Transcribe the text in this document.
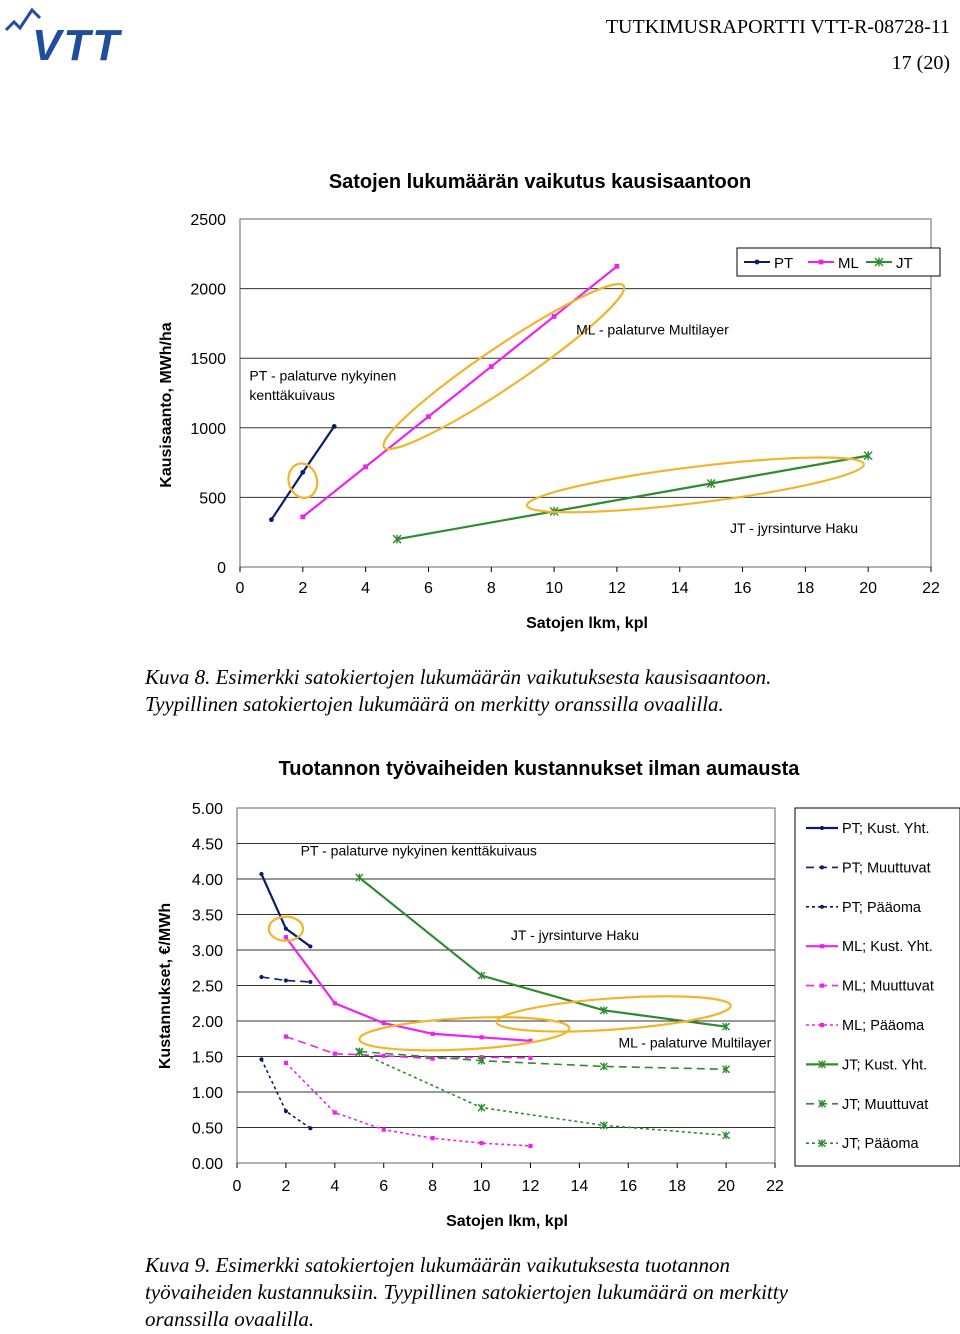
VTT	TUTKIMUSRAPORTTI VTT-R-08728-11
17 (20)
Satojen lukumäärän vaikutus kausisaantoon
0
500
1000
1500
2000
2500
0	2	4	6	8	10	12	14	16	18	20	22
Satojen lkm, kpl
Kausisaanto, MWh/ha	PT - palaturve nykyinen
kenttäkuivaus
ML - palaturve Multilayer
JT - jyrsinturve Haku
PT	ML JT
Kuva 8. Esimerkki satokiertojen lukumäärän vaikutuksesta kausisaantoon.
Tyypillinen satokiertojen lukumäärä on merkitty oranssilla ovaalilla.
Tuotannon työvaiheiden kustannukset ilman aumausta
0.00
0.50
1.00
1.50
2.00
2.50
3.00
3.50
4.00
4.50
5.00
0	2	4	6	8 10 12 14 16 18 20 22
Satojen lkm, kpl
Kustannukset, €/MWh
PT - palaturve nykyinen kenttäkuivaus
JT - jyrsinturve Haku
ML - palaturve Multilayer
PT; Kust. Yht.
PT; Muuttuvat
PT; Pääoma
ML; Kust. Yht.
ML; Muuttuvat
ML; Pääoma
JT; Kust. Yht.
JT; Muuttuvat
JT; Pääoma
Kuva 9. Esimerkki satokiertojen lukumäärän vaikutuksesta tuotannon
työvaiheiden kustannuksiin. Tyypillinen satokiertojen lukumäärä on merkitty
oranssilla ovaalilla.
